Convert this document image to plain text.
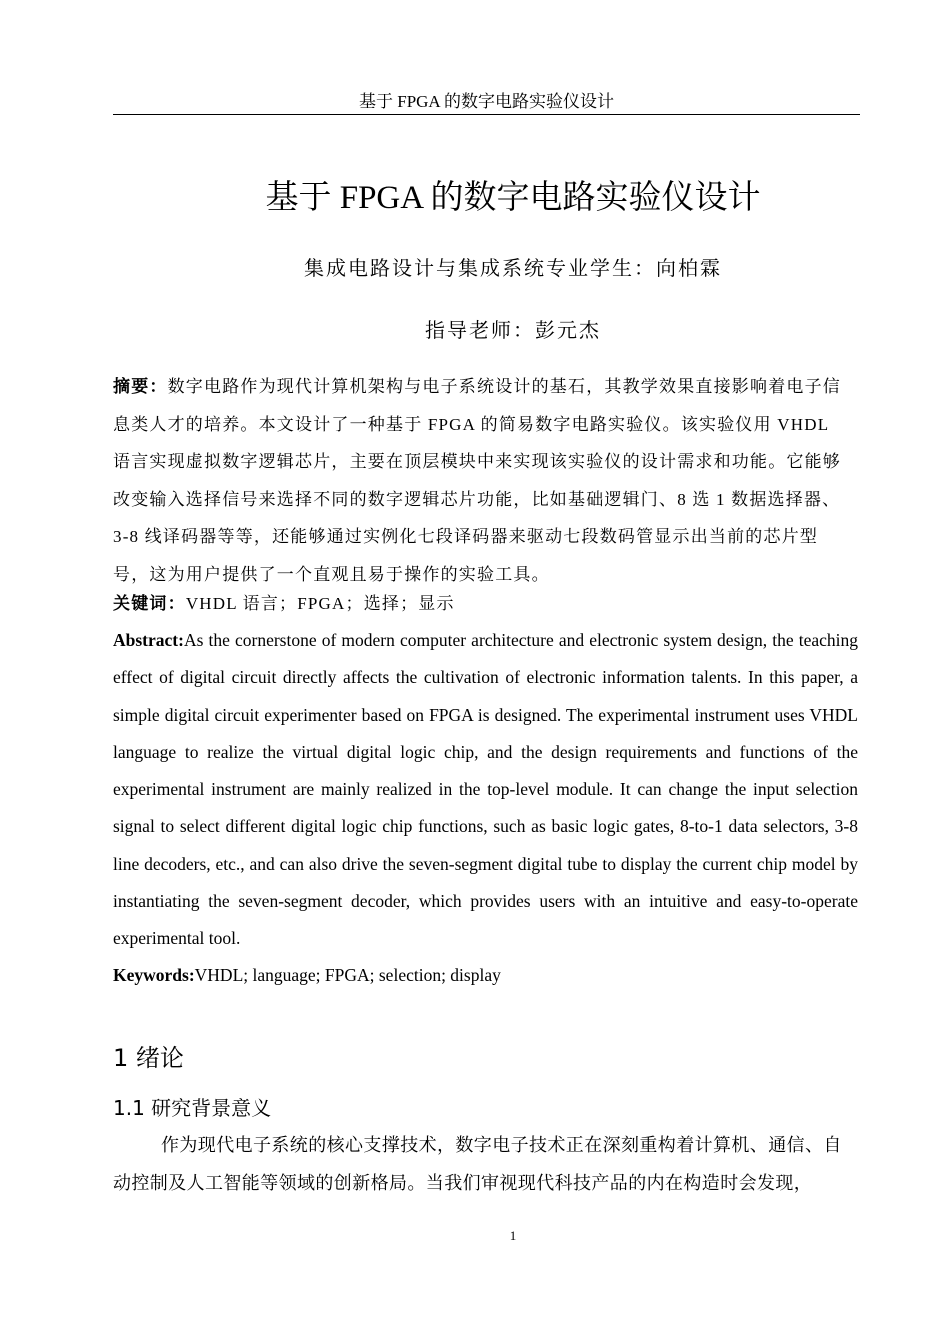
基于 FPGA 的数字电路实验仪设计
基于 FPGA 的数字电路实验仪设计
集成电路设计与集成系统专业学生：向柏霖
指导老师：彭元杰

摘要：数字电路作为现代计算机架构与电子系统设计的基石，其教学效果直接影响着电子信息类人才的培养。本文设计了一种基于 FPGA 的简易数字电路实验仪。该实验仪用 VHDL 语言实现虚拟数字逻辑芯片，主要在顶层模块中来实现该实验仪的设计需求和功能。它能够改变输入选择信号来选择不同的数字逻辑芯片功能，比如基础逻辑门、8 选 1 数据选择器、3-8 线译码器等等，还能够通过实例化七段译码器来驱动七段数码管显示出当前的芯片型号，这为用户提供了一个直观且易于操作的实验工具。

关键词：VHDL 语言；FPGA；选择；显示

Abstract:As the cornerstone of modern computer architecture and electronic system design, the teaching effect of digital circuit directly affects the cultivation of electronic information talents. In this paper, a simple digital circuit experimenter based on FPGA is designed. The experimental instrument uses VHDL language to realize the virtual digital logic chip, and the design requirements and functions of the experimental instrument are mainly realized in the top-level module. It can change the input selection signal to select different digital logic chip functions, such as basic logic gates, 8-to-1 data selectors, 3-8 line decoders, etc., and can also drive the seven-segment digital tube to display the current chip model by instantiating the seven-segment decoder, which provides users with an intuitive and easy-to-operate experimental tool.

Keywords:VHDL; language; FPGA; selection; display

1 绪论
1.1 研究背景意义

作为现代电子系统的核心支撑技术，数字电子技术正在深刻重构着计算机、通信、自动控制及人工智能等领域的创新格局。当我们审视现代科技产品的内在构造时会发现，

1
